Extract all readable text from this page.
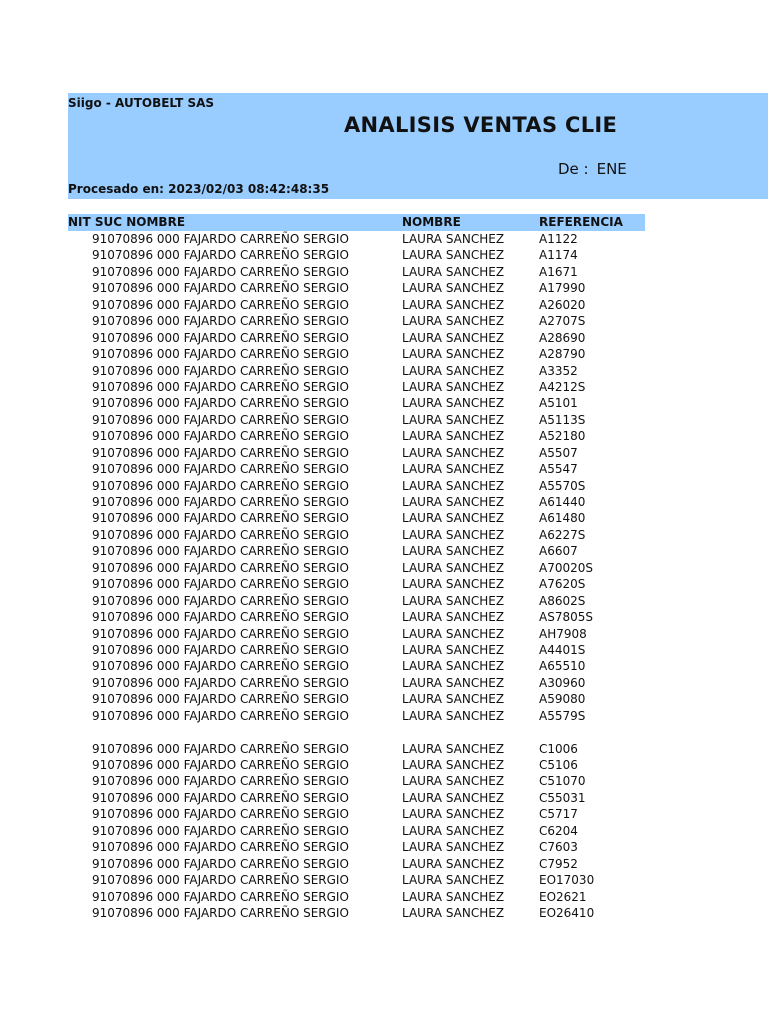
Siigo - AUTOBELT SAS
ANALISIS VENTAS CLIE
De : ENE
Procesado en: 2023/02/03 08:42:48:35
NIT SUC NOMBRE	NOMBRE	REFERENCIA
91070896 000 FAJARDO CARREÑO SERGIO	LAURA SANCHEZ	A1122
91070896 000 FAJARDO CARREÑO SERGIO	LAURA SANCHEZ	A1174
91070896 000 FAJARDO CARREÑO SERGIO	LAURA SANCHEZ	A1671
91070896 000 FAJARDO CARREÑO SERGIO	LAURA SANCHEZ	A17990
91070896 000 FAJARDO CARREÑO SERGIO	LAURA SANCHEZ	A26020
91070896 000 FAJARDO CARREÑO SERGIO	LAURA SANCHEZ	A2707S
91070896 000 FAJARDO CARREÑO SERGIO	LAURA SANCHEZ	A28690
91070896 000 FAJARDO CARREÑO SERGIO	LAURA SANCHEZ	A28790
91070896 000 FAJARDO CARREÑO SERGIO	LAURA SANCHEZ	A3352
91070896 000 FAJARDO CARREÑO SERGIO	LAURA SANCHEZ	A4212S
91070896 000 FAJARDO CARREÑO SERGIO	LAURA SANCHEZ	A5101
91070896 000 FAJARDO CARREÑO SERGIO	LAURA SANCHEZ	A5113S
91070896 000 FAJARDO CARREÑO SERGIO	LAURA SANCHEZ	A52180
91070896 000 FAJARDO CARREÑO SERGIO	LAURA SANCHEZ	A5507
91070896 000 FAJARDO CARREÑO SERGIO	LAURA SANCHEZ	A5547
91070896 000 FAJARDO CARREÑO SERGIO	LAURA SANCHEZ	A5570S
91070896 000 FAJARDO CARREÑO SERGIO	LAURA SANCHEZ	A61440
91070896 000 FAJARDO CARREÑO SERGIO	LAURA SANCHEZ	A61480
91070896 000 FAJARDO CARREÑO SERGIO	LAURA SANCHEZ	A6227S
91070896 000 FAJARDO CARREÑO SERGIO	LAURA SANCHEZ	A6607
91070896 000 FAJARDO CARREÑO SERGIO	LAURA SANCHEZ	A70020S
91070896 000 FAJARDO CARREÑO SERGIO	LAURA SANCHEZ	A7620S
91070896 000 FAJARDO CARREÑO SERGIO	LAURA SANCHEZ	A8602S
91070896 000 FAJARDO CARREÑO SERGIO	LAURA SANCHEZ	AS7805S
91070896 000 FAJARDO CARREÑO SERGIO	LAURA SANCHEZ	AH7908
91070896 000 FAJARDO CARREÑO SERGIO	LAURA SANCHEZ	A4401S
91070896 000 FAJARDO CARREÑO SERGIO	LAURA SANCHEZ	A65510
91070896 000 FAJARDO CARREÑO SERGIO	LAURA SANCHEZ	A30960
91070896 000 FAJARDO CARREÑO SERGIO	LAURA SANCHEZ	A59080
91070896 000 FAJARDO CARREÑO SERGIO	LAURA SANCHEZ	A5579S
91070896 000 FAJARDO CARREÑO SERGIO	LAURA SANCHEZ	C1006
91070896 000 FAJARDO CARREÑO SERGIO	LAURA SANCHEZ	C5106
91070896 000 FAJARDO CARREÑO SERGIO	LAURA SANCHEZ	C51070
91070896 000 FAJARDO CARREÑO SERGIO	LAURA SANCHEZ	C55031
91070896 000 FAJARDO CARREÑO SERGIO	LAURA SANCHEZ	C5717
91070896 000 FAJARDO CARREÑO SERGIO	LAURA SANCHEZ	C6204
91070896 000 FAJARDO CARREÑO SERGIO	LAURA SANCHEZ	C7603
91070896 000 FAJARDO CARREÑO SERGIO	LAURA SANCHEZ	C7952
91070896 000 FAJARDO CARREÑO SERGIO	LAURA SANCHEZ	EO17030
91070896 000 FAJARDO CARREÑO SERGIO	LAURA SANCHEZ	EO2621
91070896 000 FAJARDO CARREÑO SERGIO	LAURA SANCHEZ	EO26410
